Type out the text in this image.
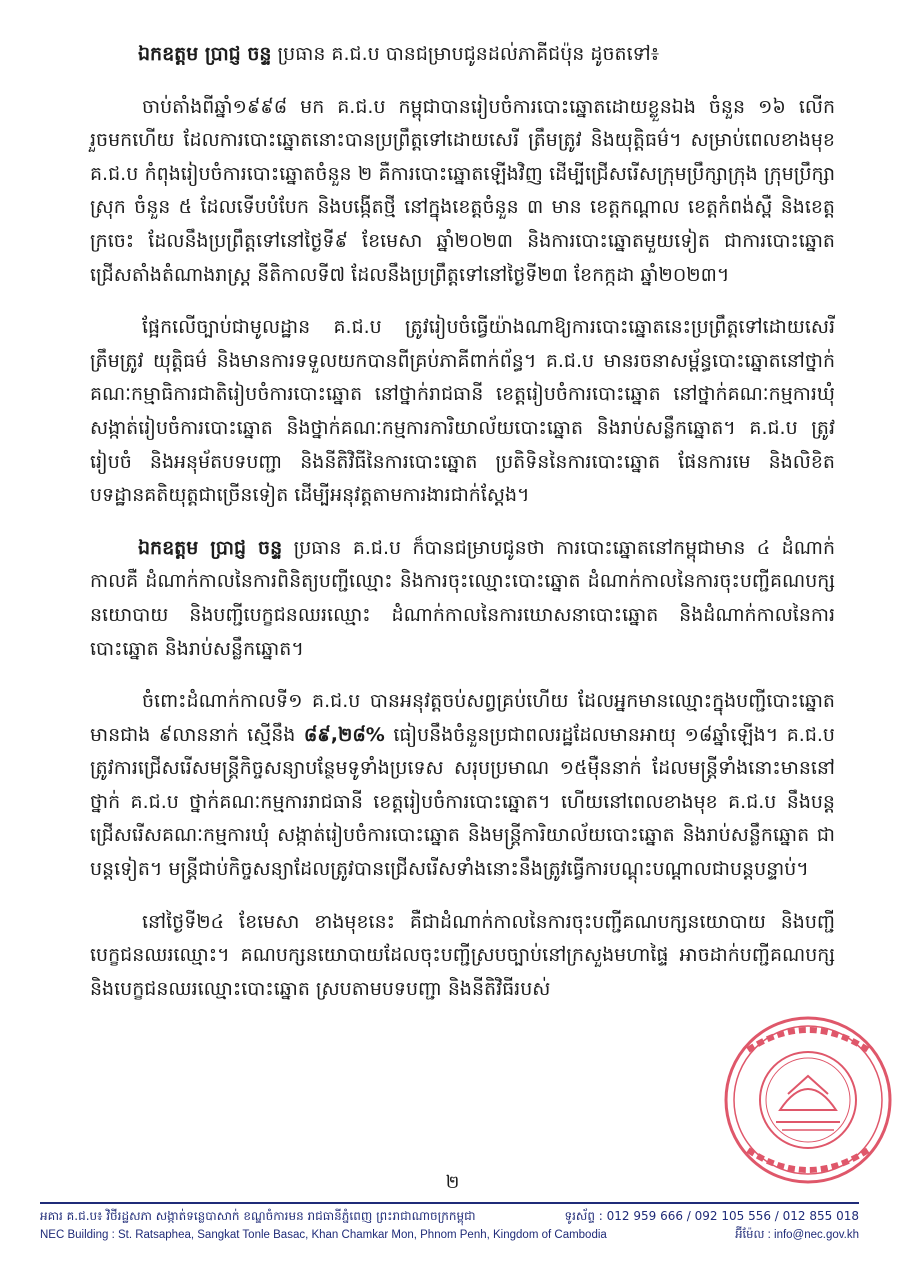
ឯកឧត្តម ប្រាជ្ញ ចន្ទ ប្រធាន គ.ជ.ប បានជម្រាបជូនដល់ភាគីជប៉ុន ដូចតទៅ៖

ចាប់តាំងពីឆ្នាំ១៩៩៨ មក គ.ជ.ប កម្ពុជាបានរៀបចំការបោះឆ្នោតដោយខ្លួនឯង ចំនួន ១៦ លើករួចមកហើយ ដែលការបោះឆ្នោតនោះបានប្រព្រឹត្តទៅដោយសេរី ត្រឹមត្រូវ និងយុត្តិធម៌។ សម្រាប់ពេលខាងមុខ គ.ជ.ប កំពុងរៀបចំការបោះឆ្នោតចំនួន ២ គឺការបោះឆ្នោតឡើងវិញ ដើម្បីជ្រើសរើសក្រុមប្រឹក្សាក្រុង ក្រុមប្រឹក្សាស្រុក ចំនួន ៥ ដែលទើបបំបែក និងបង្កើតថ្មី នៅក្នុងខេត្តចំនួន ៣ មាន ខេត្តកណ្ដាល ខេត្តកំពង់ស្ពឺ និងខេត្តក្រចេះ ដែលនឹងប្រព្រឹត្តទៅនៅថ្ងៃទី៩ ខែមេសា ឆ្នាំ២០២៣ និងការបោះឆ្នោតមួយទៀត ជាការបោះឆ្នោតជ្រើសតាំងតំណាងរាស្ត្រ នីតិកាលទី៧ ដែលនឹងប្រព្រឹត្តទៅនៅថ្ងៃទី២៣ ខែកក្កដា ឆ្នាំ២០២៣។

ផ្អែកលើច្បាប់ជាមូលដ្ឋាន គ.ជ.ប ត្រូវរៀបចំធ្វើយ៉ាងណាឱ្យការបោះឆ្នោតនេះប្រព្រឹត្តទៅដោយសេរី ត្រឹមត្រូវ យុត្តិធម៌ និងមានការទទួលយកបានពីគ្រប់ភាគីពាក់ព័ន្ធ។ គ.ជ.ប មានរចនាសម្ព័ន្ធបោះឆ្នោតនៅថ្នាក់គណៈកម្មាធិការជាតិរៀបចំការបោះឆ្នោត នៅថ្នាក់រាជធានី ខេត្តរៀបចំការបោះឆ្នោត នៅថ្នាក់គណៈកម្មការឃុំ សង្កាត់រៀបចំការបោះឆ្នោត និងថ្នាក់គណៈកម្មការការិយាល័យបោះឆ្នោត និងរាប់សន្លឹកឆ្នោត។ គ.ជ.ប ត្រូវរៀបចំ និងអនុម័តបទបញ្ជា និងនីតិវិធីនៃការបោះឆ្នោត ប្រតិទិននៃការបោះឆ្នោត ផែនការមេ និងលិខិតបទដ្ឋានគតិយុត្តជាច្រើនទៀត ដើម្បីអនុវត្តតាមការងារជាក់ស្តែង។

ឯកឧត្តម ប្រាជ្ញ ចន្ទ ប្រធាន គ.ជ.ប ក៏បានជម្រាបជូនថា ការបោះឆ្នោតនៅកម្ពុជាមាន ៤ ដំណាក់កាលគឺ ដំណាក់កាលនៃការពិនិត្យបញ្ជីឈ្មោះ និងការចុះឈ្មោះបោះឆ្នោត ដំណាក់កាលនៃការចុះបញ្ជីគណបក្សនយោបាយ និងបញ្ជីបេក្ខជនឈរឈ្មោះ ដំណាក់កាលនៃការឃោសនាបោះឆ្នោត និងដំណាក់កាលនៃការបោះឆ្នោត និងរាប់សន្លឹកឆ្នោត។

ចំពោះដំណាក់កាលទី១ គ.ជ.ប បានអនុវត្តចប់សព្វគ្រប់ហើយ ដែលអ្នកមានឈ្មោះក្នុងបញ្ជីបោះឆ្នោតមានជាង ៩លាននាក់ ស្មើនឹង ៨៩,២៨% ធៀបនឹងចំនួនប្រជាពលរដ្ឋដែលមានអាយុ ១៨ឆ្នាំឡើង។ គ.ជ.ប ត្រូវការជ្រើសរើសមន្ត្រីកិច្ចសន្យាបន្ថែមទូទាំងប្រទេស សរុបប្រមាណ ១៥ម៉ឺននាក់ ដែលមន្ត្រីទាំងនោះមាននៅថ្នាក់ គ.ជ.ប ថ្នាក់គណៈកម្មការរាជធានី ខេត្តរៀបចំការបោះឆ្នោត។ ហើយនៅពេលខាងមុខ គ.ជ.ប នឹងបន្តជ្រើសរើសគណៈកម្មការឃុំ សង្កាត់រៀបចំការបោះឆ្នោត និងមន្ត្រីការិយាល័យបោះឆ្នោត និងរាប់សន្លឹកឆ្នោត ជាបន្តទៀត។ មន្ត្រីជាប់កិច្ចសន្យាដែលត្រូវបានជ្រើសរើសទាំងនោះនឹងត្រូវធ្វើការបណ្ដុះបណ្ដាលជាបន្តបន្ទាប់។

នៅថ្ងៃទី២៤ ខែមេសា ខាងមុខនេះ គឺជាដំណាក់កាលនៃការចុះបញ្ជីគណបក្សនយោបាយ និងបញ្ជីបេក្ខជនឈរឈ្មោះ។ គណបក្សនយោបាយដែលចុះបញ្ជីស្របច្បាប់នៅក្រសួងមហាផ្ទៃ អាចដាក់បញ្ជីគណបក្ស និងបេក្ខជនឈរឈ្មោះបោះឆ្នោត ស្របតាមបទបញ្ជា និងនីតិវិធីរបស់

២
អគារ គ.ជ.ប៖ វិថីរដ្ឋសភា សង្កាត់ទន្លេបាសាក់ ខណ្ឌចំការមន រាជធានីភ្នំពេញ ព្រះរាជាណាចក្រកម្ពុជា	ទូរស័ព្ទ : 012 959 666 / 092 105 556 / 012 855 018
NEC Building : St. Ratsaphea, Sangkat Tonle Basac, Khan Chamkar Mon, Phnom Penh, Kingdom of Cambodia	អ៊ីម៉ែល : info@nec.gov.kh
